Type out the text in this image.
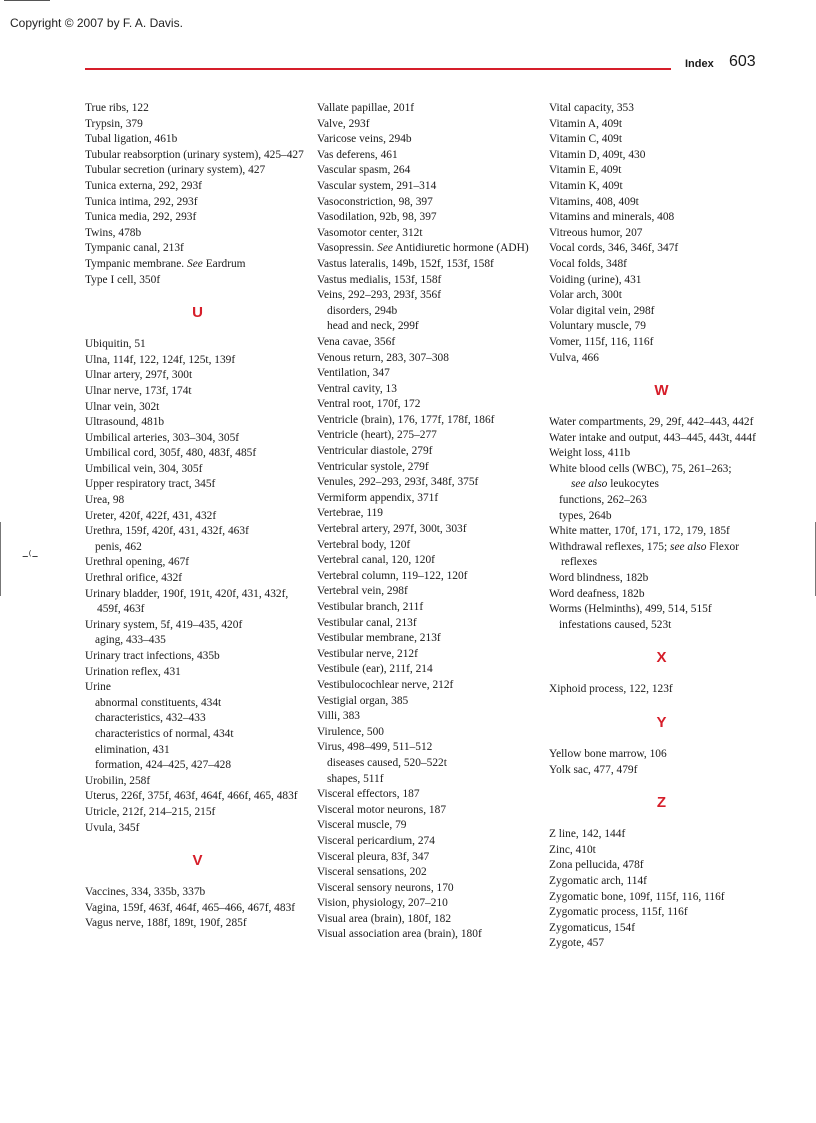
Copyright © 2007 by F. A. Davis.
Index 603
–⁽–
True ribs, 122
Trypsin, 379
Tubal ligation, 461b
Tubular reabsorption (urinary system), 425–427
Tubular secretion (urinary system), 427
Tunica externa, 292, 293f
Tunica intima, 292, 293f
Tunica media, 292, 293f
Twins, 478b
Tympanic canal, 213f
Tympanic membrane. See Eardrum
Type I cell, 350f
U
Ubiquitin, 51
Ulna, 114f, 122, 124f, 125t, 139f
Ulnar artery, 297f, 300t
Ulnar nerve, 173f, 174t
Ulnar vein, 302t
Ultrasound, 481b
Umbilical arteries, 303–304, 305f
Umbilical cord, 305f, 480, 483f, 485f
Umbilical vein, 304, 305f
Upper respiratory tract, 345f
Urea, 98
Ureter, 420f, 422f, 431, 432f
Urethra, 159f, 420f, 431, 432f, 463f
penis, 462
Urethral opening, 467f
Urethral orifice, 432f
Urinary bladder, 190f, 191t, 420f, 431, 432f, 459f, 463f
Urinary system, 5f, 419–435, 420f
aging, 433–435
Urinary tract infections, 435b
Urination reflex, 431
Urine
abnormal constituents, 434t
characteristics, 432–433
characteristics of normal, 434t
elimination, 431
formation, 424–425, 427–428
Urobilin, 258f
Uterus, 226f, 375f, 463f, 464f, 466f, 465, 483f
Utricle, 212f, 214–215, 215f
Uvula, 345f
V
Vaccines, 334, 335b, 337b
Vagina, 159f, 463f, 464f, 465–466, 467f, 483f
Vagus nerve, 188f, 189t, 190f, 285f
Vallate papillae, 201f
Valve, 293f
Varicose veins, 294b
Vas deferens, 461
Vascular spasm, 264
Vascular system, 291–314
Vasoconstriction, 98, 397
Vasodilation, 92b, 98, 397
Vasomotor center, 312t
Vasopressin. See Antidiuretic hormone (ADH)
Vastus lateralis, 149b, 152f, 153f, 158f
Vastus medialis, 153f, 158f
Veins, 292–293, 293f, 356f
disorders, 294b
head and neck, 299f
Vena cavae, 356f
Venous return, 283, 307–308
Ventilation, 347
Ventral cavity, 13
Ventral root, 170f, 172
Ventricle (brain), 176, 177f, 178f, 186f
Ventricle (heart), 275–277
Ventricular diastole, 279f
Ventricular systole, 279f
Venules, 292–293, 293f, 348f, 375f
Vermiform appendix, 371f
Vertebrae, 119
Vertebral artery, 297f, 300t, 303f
Vertebral body, 120f
Vertebral canal, 120, 120f
Vertebral column, 119–122, 120f
Vertebral vein, 298f
Vestibular branch, 211f
Vestibular canal, 213f
Vestibular membrane, 213f
Vestibular nerve, 212f
Vestibule (ear), 211f, 214
Vestibulocochlear nerve, 212f
Vestigial organ, 385
Villi, 383
Virulence, 500
Virus, 498–499, 511–512
diseases caused, 520–522t
shapes, 511f
Visceral effectors, 187
Visceral motor neurons, 187
Visceral muscle, 79
Visceral pericardium, 274
Visceral pleura, 83f, 347
Visceral sensations, 202
Visceral sensory neurons, 170
Vision, physiology, 207–210
Visual area (brain), 180f, 182
Visual association area (brain), 180f
Vital capacity, 353
Vitamin A, 409t
Vitamin C, 409t
Vitamin D, 409t, 430
Vitamin E, 409t
Vitamin K, 409t
Vitamins, 408, 409t
Vitamins and minerals, 408
Vitreous humor, 207
Vocal cords, 346, 346f, 347f
Vocal folds, 348f
Voiding (urine), 431
Volar arch, 300t
Volar digital vein, 298f
Voluntary muscle, 79
Vomer, 115f, 116, 116f
Vulva, 466
W
Water compartments, 29, 29f, 442–443, 442f
Water intake and output, 443–445, 443t, 444f
Weight loss, 411b
White blood cells (WBC), 75, 261–263;
see also leukocytes
functions, 262–263
types, 264b
White matter, 170f, 171, 172, 179, 185f
Withdrawal reflexes, 175; see also Flexor reflexes
Word blindness, 182b
Word deafness, 182b
Worms (Helminths), 499, 514, 515f
infestations caused, 523t
X
Xiphoid process, 122, 123f
Y
Yellow bone marrow, 106
Yolk sac, 477, 479f
Z
Z line, 142, 144f
Zinc, 410t
Zona pellucida, 478f
Zygomatic arch, 114f
Zygomatic bone, 109f, 115f, 116, 116f
Zygomatic process, 115f, 116f
Zygomaticus, 154f
Zygote, 457
